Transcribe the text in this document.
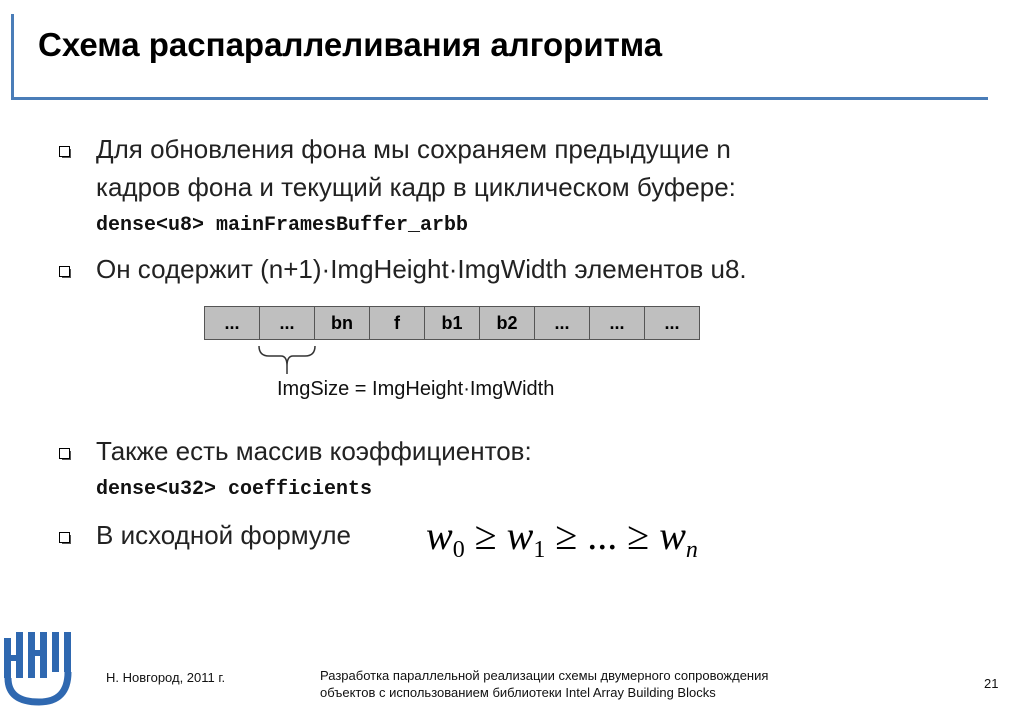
Схема распараллеливания алгоритма
Для обновления фона мы сохраняем предыдущие n
кадров фона и текущий кадр в циклическом буфере:
dense<u8> mainFramesBuffer_arbb
Он содержит (n+1)·ImgHeight·ImgWidth элементов u8.
...	...	bn	f	b1	b2	...	...	...
ImgSize = ImgHeight·ImgWidth
Также есть массив коэффициентов:
dense<u32> coefficients
В исходной формуле $w_0 \ge w_1$ ≥ ... ≥ $w_n$
Н. Новгород, 2011 г.	Разработка параллельной реализации схемы двумерного сопровождения
объектов с использованием библиотеки Intel Array Building Blocks
21
